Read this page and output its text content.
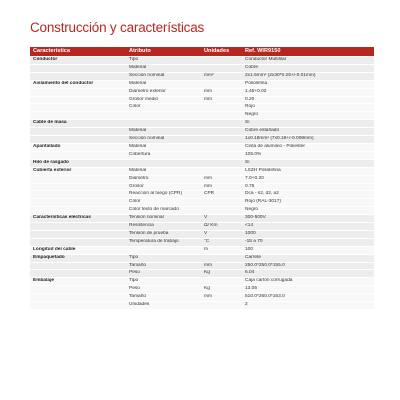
Construcción y características
Característica	Atributo	Unidades	Ref. WIR9150
Conductor	Tipo		Conductor Multifilar
	Material		Cobre
	Sección nominal	mm²	2x1.5mm² (2x30*0.25+/-0.01mm)
Aislamiento del conductor	Material		Poliolefina
	Diámetro exterior	mm	1.45+0.02
	Grosor medio	mm	0.20
	Color		Rojo
			Negro
Cable de masa			Sí
	Material		Cobre estañado
	Sección nominal		1x0.18mm² (7x0.18+/-0.008mm)
Apantallado	Material		Cinta de aluminio - Poliester
	Cobertura		105.0%
Hilo de rasgado			Sí
Cubierta exterior	Material		LSZH Poliolefina
	Diámetro	mm	7.0+0.20
	Grosor	mm	0.75
	Reacción al fuego (CPR)	CPR	Dca - s2, d2, a2
	Color		Rojo (RAL-3017)
	Color texto de marcado		Negro
Características eléctricas	Tensión nominal	V	300-500V
	Resistencia	Ω/ Km	<14
	Tensión de prueba	V	1000
	Temperatura de trabajo	°C	-15 a 70
Longitud del cable		m	100
Empaquetado	Tipo		Carrete
	Tamaño	mm	250.0*250.0*155.0
	Peso	Kg	6.04
Embalaje	Tipo		Caja cartón corrugada
	Peso	Kg	13.05
	Tamaño	mm	510.0*260.0*163.0
	Unidades		2
